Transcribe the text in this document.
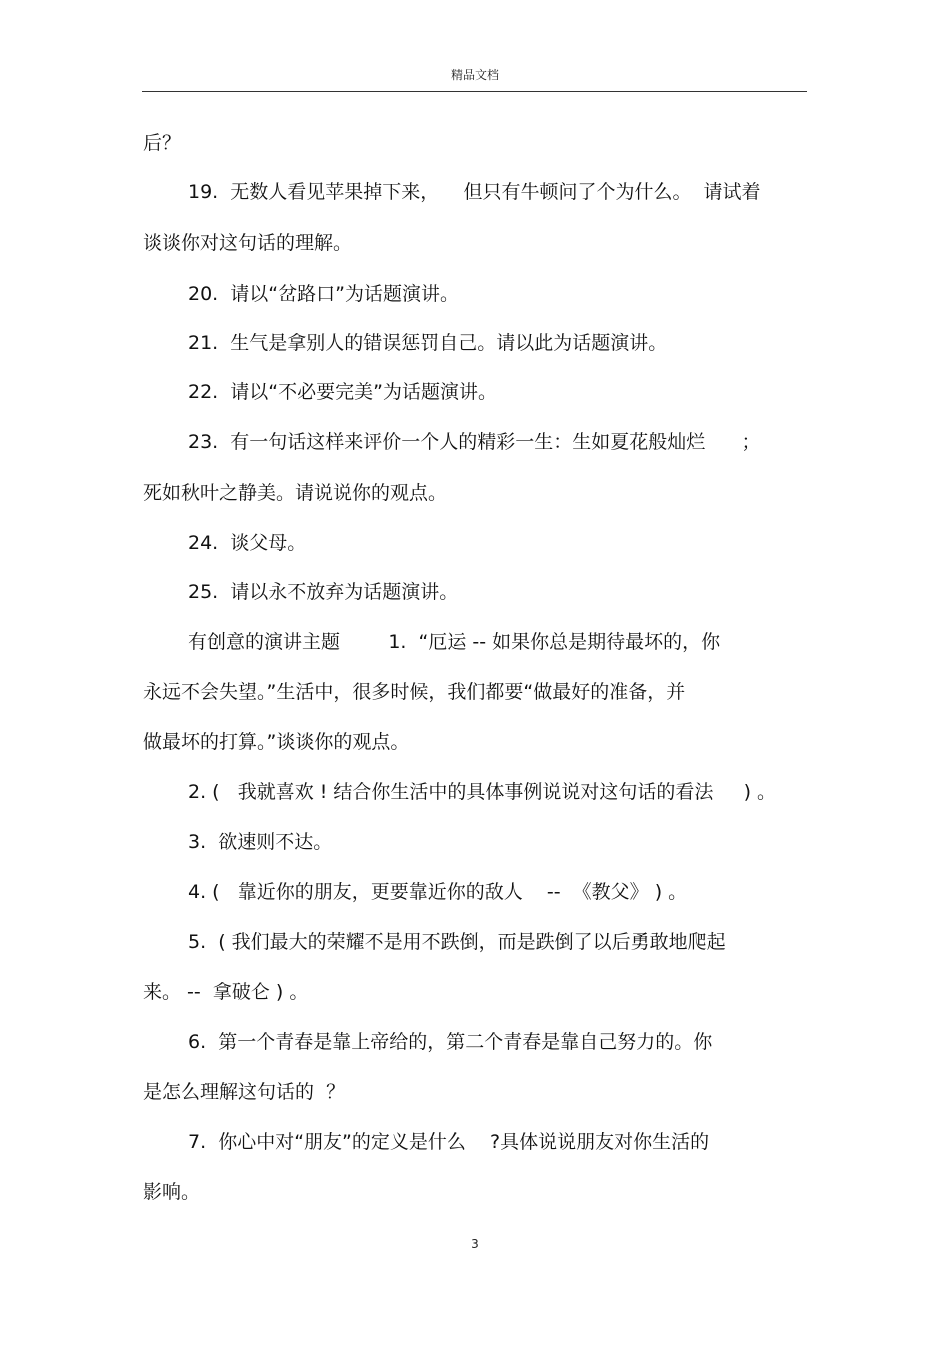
精品文档
后？
19.  无数人看见苹果掉下来，    但只有牛顿问了个为什么。  请试着
谈谈你对这句话的理解。
20.  请以“岔路口”为话题演讲。
21.  生气是拿别人的错误惩罚自己。请以此为话题演讲。
22.  请以“不必要完美”为话题演讲。
23.  有一句话这样来评价一个人的精彩一生：生如夏花般灿烂      ；
死如秋叶之静美。请说说你的观点。
24.  谈父母。
25.  请以永不放弃为话题演讲。
有创意的演讲主题        1.  “厄运 -- 如果你总是期待最坏的，你
永远不会失望。”生活中，很多时候，我们都要“做最好的准备，并
做最坏的打算。”谈谈你的观点。
2. (   我就喜欢 ! 结合你生活中的具体事例说说对这句话的看法     ) 。
3.  欲速则不达。
4. (   靠近你的朋友，更要靠近你的敌人    --  《教父》 ) 。
5.  ( 我们最大的荣耀不是用不跌倒，而是跌倒了以后勇敢地爬起
来。 --  拿破仑 ) 。
6.  第一个青春是靠上帝给的，第二个青春是靠自己努力的。你
是怎么理解这句话的  ？
7.  你心中对“朋友”的定义是什么    ?具体说说朋友对你生活的
影响。
3
